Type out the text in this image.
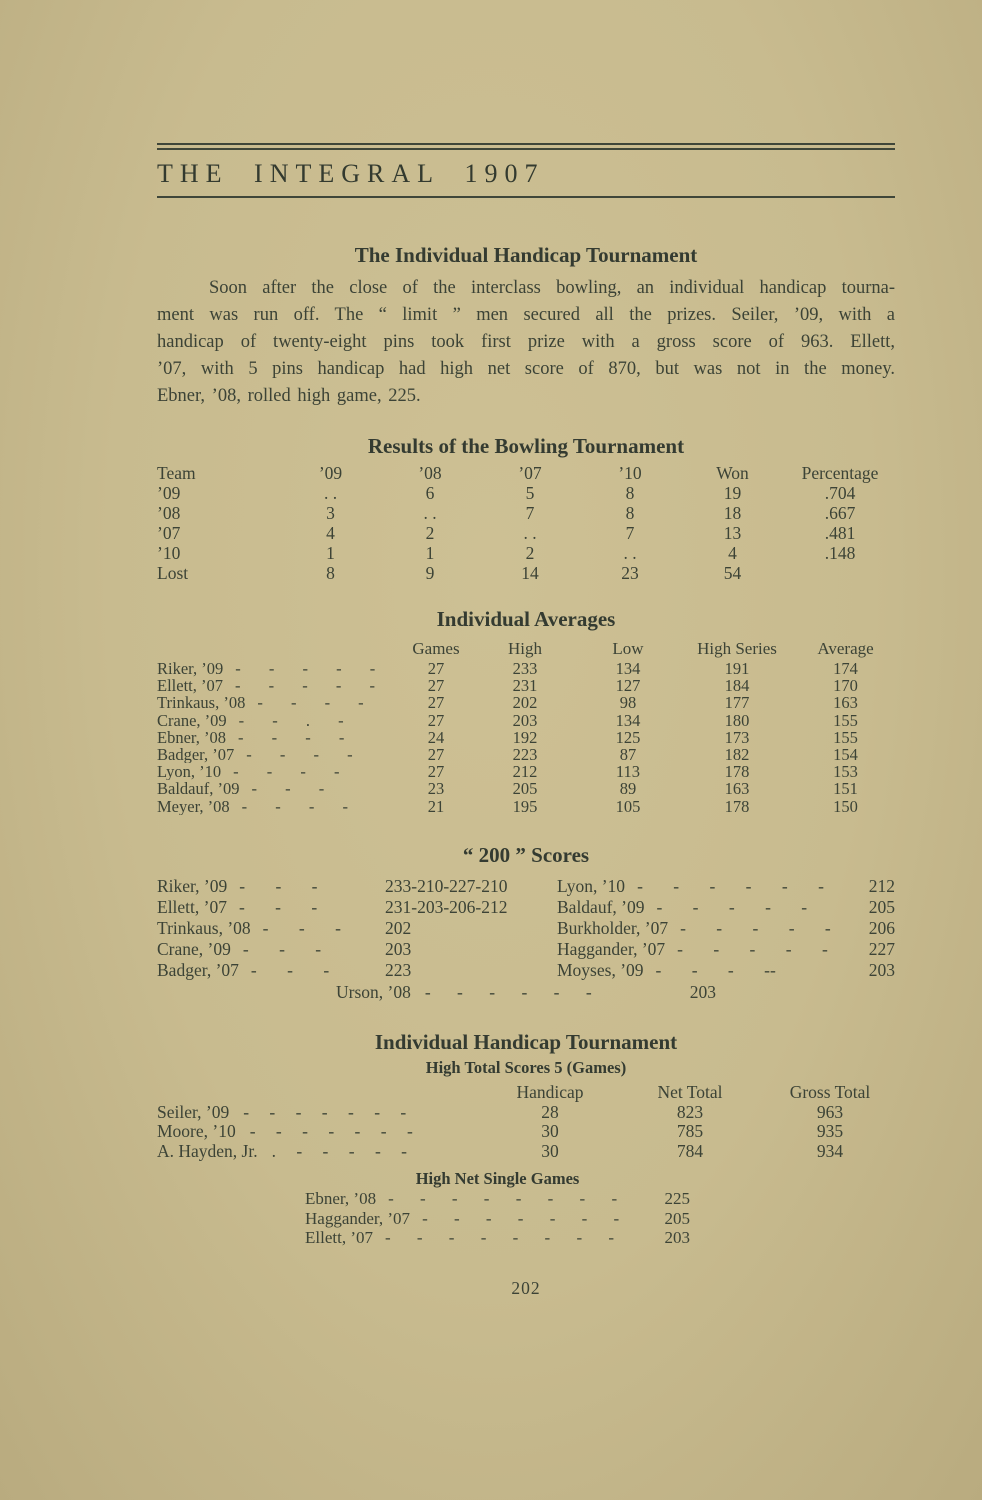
THE INTEGRAL 1907
The Individual Handicap Tournament
Soon after the close of the interclass bowling, an individual handicap tourna-
ment was run off. The “ limit ” men secured all the prizes. Seiler, ’09, with a
handicap of twenty-eight pins took first prize with a gross score of 963. Ellett,
’07, with 5 pins handicap had high net score of 870, but was not in the money.
Ebner, ’08, rolled high game, 225.
Results of the Bowling Tournament
Team	’09	’08	’07	’10	Won	Percentage
’09	. .	6	5	8	19	.704
’08	3	. .	7	8	18	.667
’07	4	2	. .	7	13	.481
’10	1	1	2	. .	4	.148
Lost	8	9	14	23	54
Individual Averages
Games	High	Low	High Series	Average
Riker, ’09 - - - - -	27	233	134	191	174
Ellett, ’07 - - - - -	27	231	127	184	170
Trinkaus, ’08 - - - -	27	202	98	177	163
Crane, ’09 - - . -	27	203	134	180	155
Ebner, ’08 - - - -	24	192	125	173	155
Badger, ’07 - - - -	27	223	87	182	154
Lyon, ’10 - - - -	27	212	113	178	153
Baldauf, ’09 - - -	23	205	89	163	151
Meyer, ’08 - - - -	21	195	105	178	150
“ 200 ” Scores
Riker, ’09 - - -	233-210-227-210
Ellett, ’07 - - -	231-203-206-212
Trinkaus, ’08 - - -	202
Crane, ’09 - - -	203
Badger, ’07 - - -	223
Lyon, ’10 - - - - - -	212
Baldauf, ’09 - - - - -	205
Burkholder, ’07 - - - - -	206
Haggander, ’07 - - - - -	227
Moyses, ’09 - - - --	203
Urson, ’08 - - - - - -	203
Individual Handicap Tournament
High Total Scores 5 (Games)
Handicap	Net Total	Gross Total
Seiler, ’09 - - - - - - -	28	823	963
Moore, ’10 - - - - - - -	30	785	935
A. Hayden, Jr. . - - - - -	30	784	934
High Net Single Games
Ebner, ’08 - - - - - - - -	225
Haggander, ’07 - - - - - - -	205
Ellett, ’07 - - - - - - - -	203
202
